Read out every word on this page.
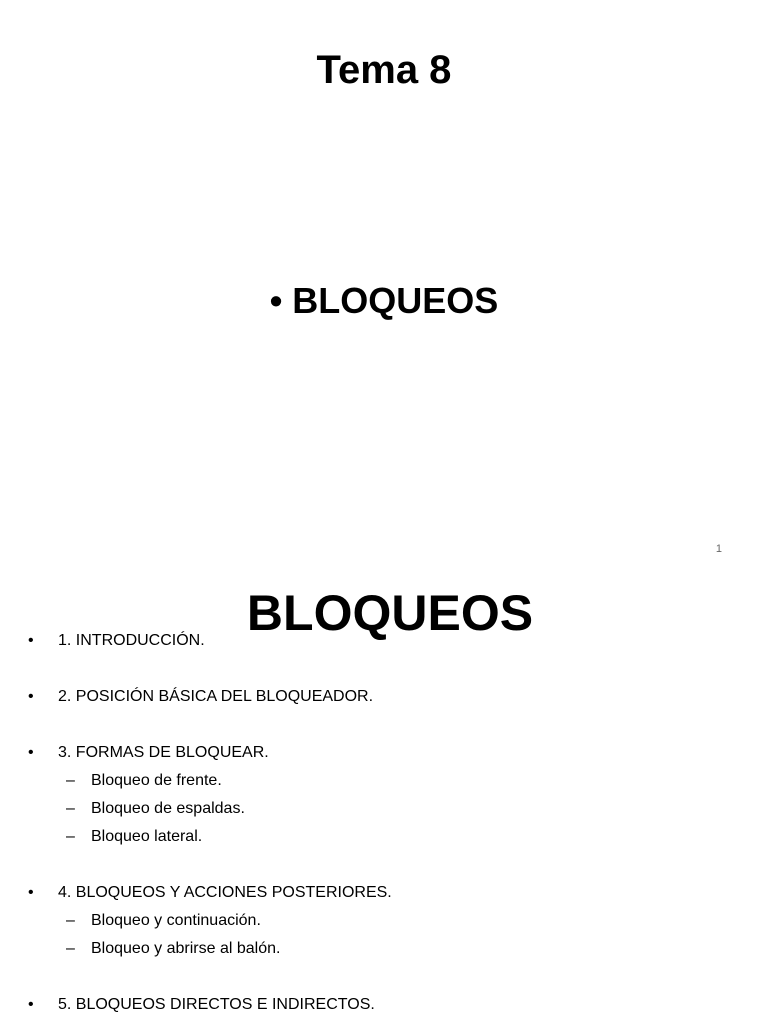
Tema 8
• BLOQUEOS
1
• 1. INTRODUCCIÓN.
• 2. POSICIÓN BÁSICA DEL BLOQUEADOR.
• 3. FORMAS DE BLOQUEAR.
– Bloqueo de frente.
– Bloqueo de espaldas.
– Bloqueo lateral.
• 4. BLOQUEOS Y ACCIONES POSTERIORES.
– Bloqueo y continuación.
– Bloqueo y abrirse al balón.
• 5. BLOQUEOS DIRECTOS E INDIRECTOS.
BLOQUEOS
